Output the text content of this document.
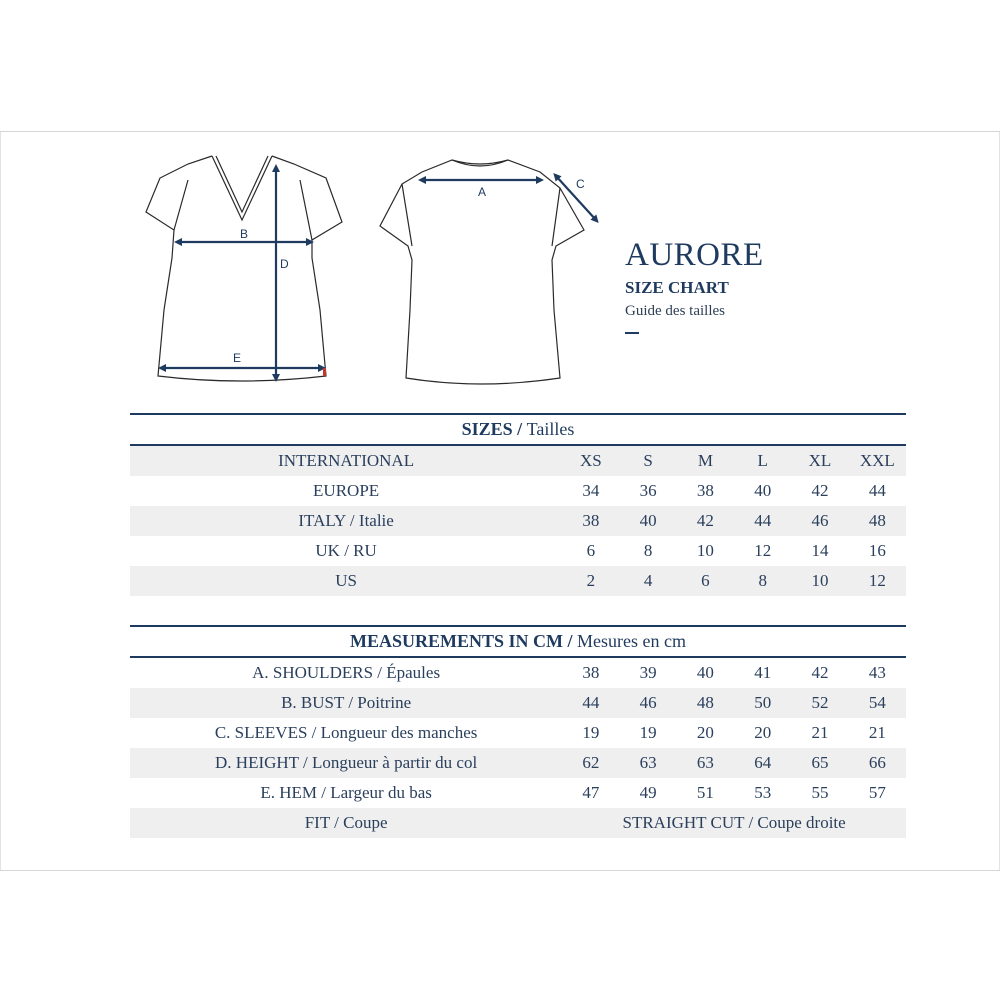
B
D
E
A
C
AURORE
SIZE CHART
Guide des tailles
SIZES / Tailles
INTERNATIONAL	XS	S	M	L	XL	XXL
EUROPE	34	36	38	40	42	44
ITALY / Italie	38	40	42	44	46	48
UK / RU	6	8	10	12	14	16
US	2	4	6	8	10	12
MEASUREMENTS IN CM / Mesures en cm
A. SHOULDERS / Épaules	38	39	40	41	42	43
B. BUST / Poitrine	44	46	48	50	52	54
C. SLEEVES / Longueur des manches	19	19	20	20	21	21
D. HEIGHT / Longueur à partir du col	62	63	63	64	65	66
E. HEM / Largeur du bas	47	49	51	53	55	57
FIT / Coupe	STRAIGHT CUT / Coupe droite					
